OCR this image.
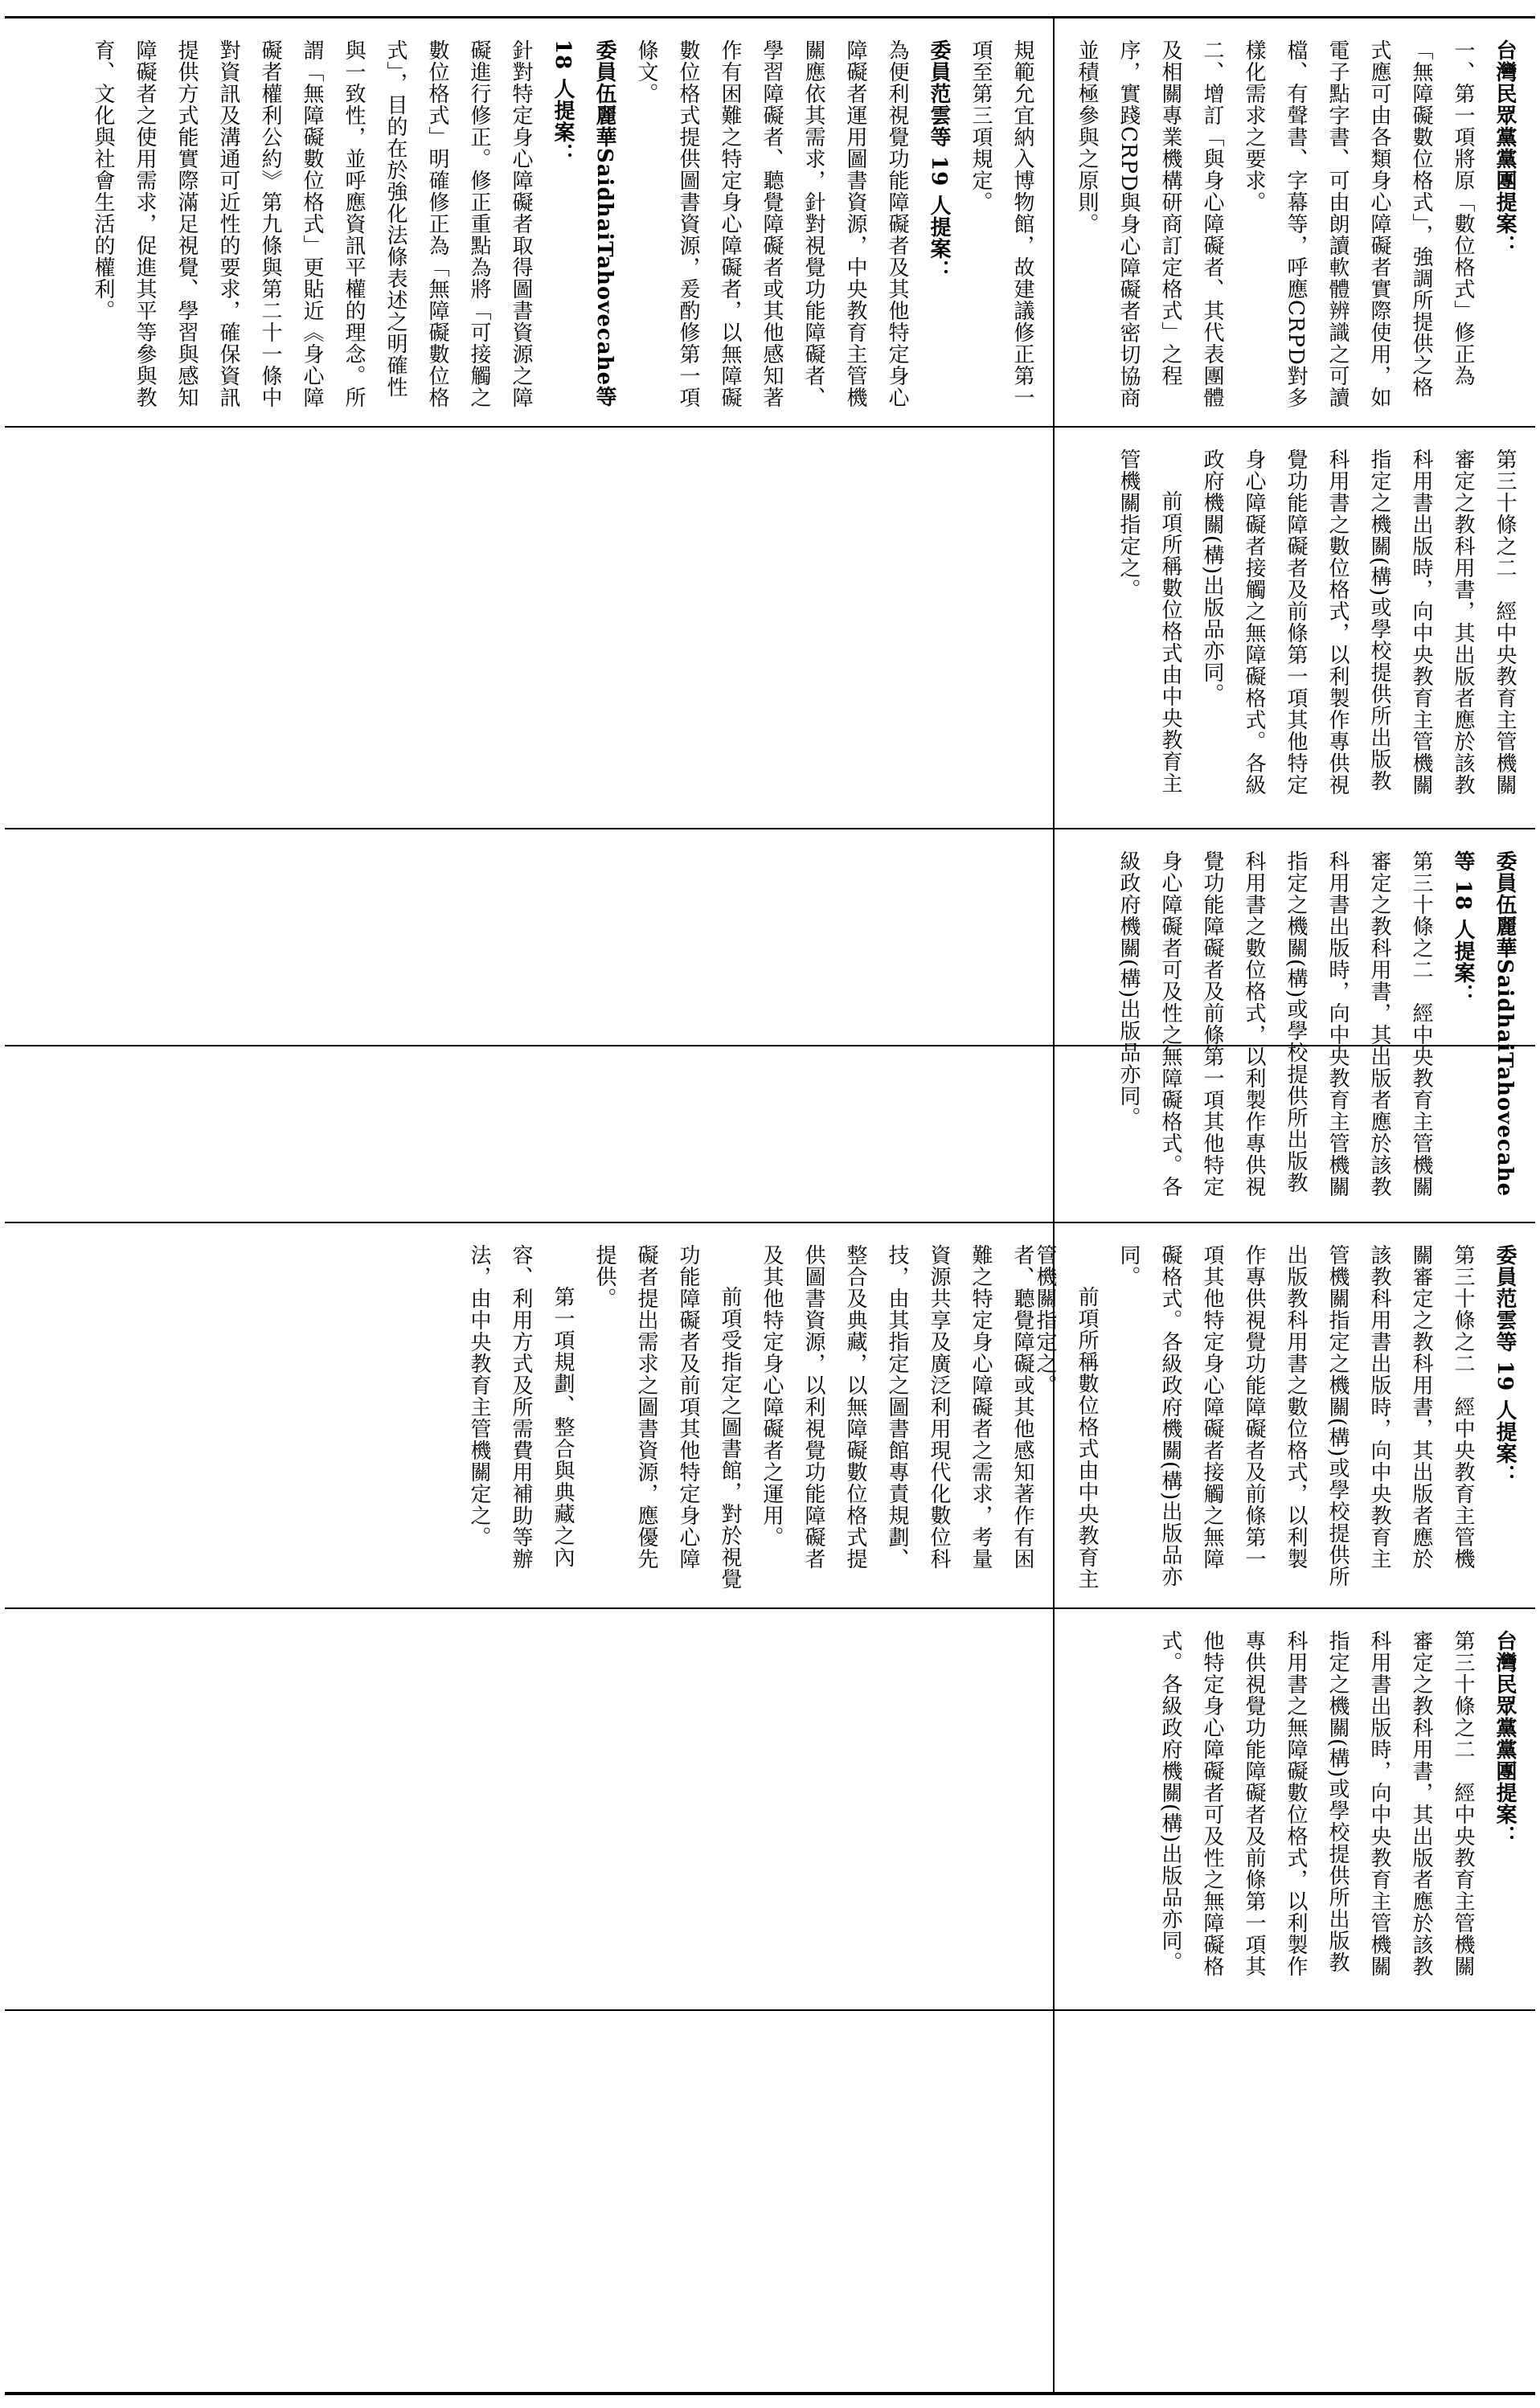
規範允宜納入博物館，故建議修正第一項至第三項規定。

委員范雲等 19 人提案：

為便利視覺功能障礙者及其他特定身心障礙者運用圖書資源，中央教育主管機關應依其需求，針對視覺功能障礙者、學習障礙者、聽覺障礙者或其他感知著作有困難之特定身心障礙者，以無障礙數位格式提供圖書資源，爰酌修第一項條文。

委員伍麗華SaidhaiTahovecahe等 18 人提案：

針對特定身心障礙者取得圖書資源之障礙進行修正。修正重點為將「可接觸之數位格式」明確修正為「無障礙數位格式」，目的在於強化法條表述之明確性與一致性，並呼應資訊平權的理念。所謂「無障礙數位格式」更貼近《身心障礙者權利公約》第九條與第二十一條中對資訊及溝通可近性的要求，確保資訊提供方式能實際滿足視覺、學習與感知障礙者之使用需求，促進其平等參與教育、文化與社會生活的權利。	台灣民眾黨黨團提案：

一、第一項將原「數位格式」修正為「無障礙數位格式」，強調所提供之格式應可由各類身心障礙者實際使用，如電子點字書、可由朗讀軟體辨識之可讀檔、有聲書、字幕等，呼應CRPD對多樣化需求之要求。

二、增訂「與身心障礙者、其代表團體及相關專業機構研商訂定格式」之程序，實踐CRPD與身心障礙者密切協商並積極參與之原則。

第三十條之二　經中央教育主管機關審定之教科用書，其出版者應於該教科用書出版時，向中央教育主管機關指定之機關(構)或學校提供所出版教科用書之數位格式，以利製作專供視覺功能障礙者及前條第一項其他特定身心障礙者接觸之無障礙格式。各級政府機關(構)出版品亦同。

前項所稱數位格式由中央教育主管機關指定之。

委員伍麗華SaidhaiTahovecahe等 18 人提案：

第三十條之二　經中央教育主管機關審定之教科用書，其出版者應於該教科用書出版時，向中央教育主管機關指定之機關(構)或學校提供所出版教科用書之數位格式，以利製作專供視覺功能障礙者及前條第一項其他特定身心障礙者可及性之無障礙格式。各級政府機關(構)出版品亦同。

者、聽覺障礙或其他感知著作有困難之特定身心障礙者之需求，考量資源共享及廣泛利用現代化數位科技，由其指定之圖書館專責規劃、整合及典藏，以無障礙數位格式提供圖書資源，以利視覺功能障礙者及其他特定身心障礙者之運用。

前項受指定之圖書館，對於視覺功能障礙者及前項其他特定身心障礙者提出需求之圖書資源，應優先提供。

第一項規劃、整合與典藏之內容、利用方式及所需費用補助等辦法，由中央教育主管機關定之。	委員范雲等 19 人提案：

第三十條之二　經中央教育主管機關審定之教科用書，其出版者應於該教科用書出版時，向中央教育主管機關指定之機關(構)或學校提供所出版教科用書之數位格式，以利製作專供視覺功能障礙者及前條第一項其他特定身心障礙者接觸之無障礙格式。各級政府機關(構)出版品亦同。

前項所稱數位格式由中央教育主管機關指定之。

台灣民眾黨黨團提案：

第三十條之二　經中央教育主管機關審定之教科用書，其出版者應於該教科用書出版時，向中央教育主管機關指定之機關(構)或學校提供所出版教科用書之無障礙數位格式，以利製作專供視覺功能障礙者及前條第一項其他特定身心障礙者可及性之無障礙格式。各級政府機關(構)出版品亦同。
